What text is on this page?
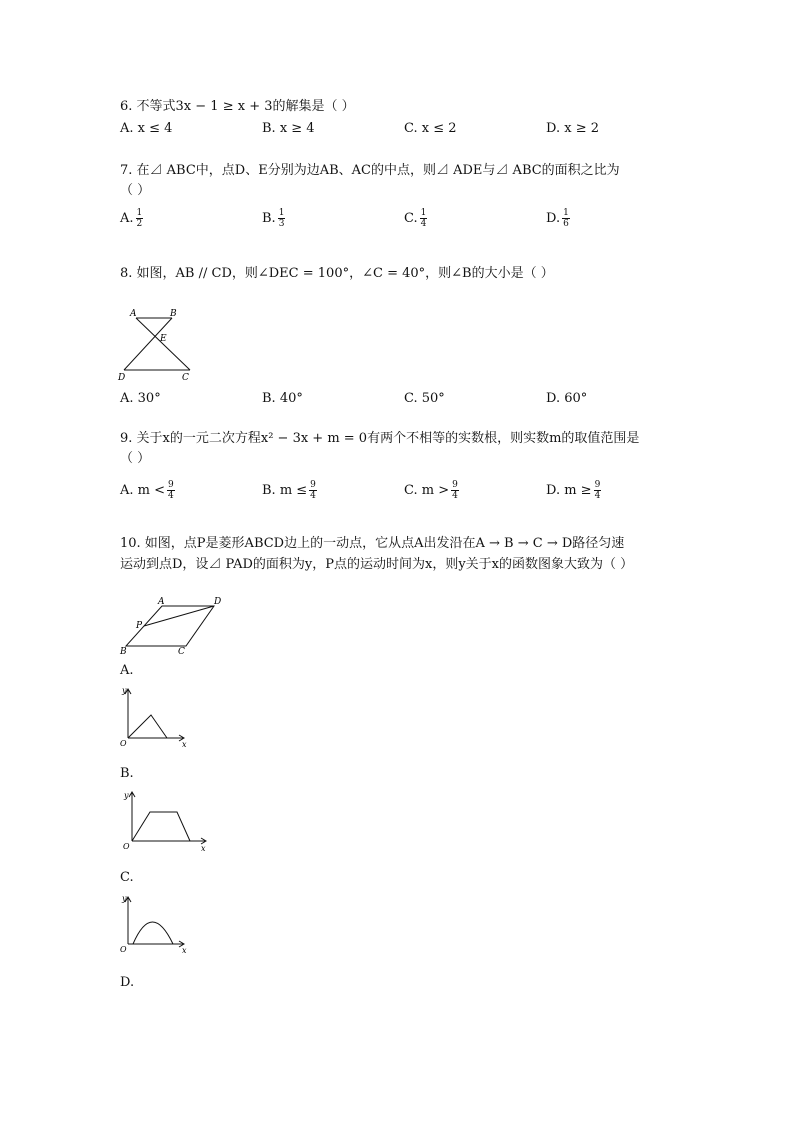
6. 不等式3x − 1 ≥ x + 3的解集是（ ）
A. x ≤ 4	B. x ≥ 4	C. x ≤ 2	D. x ≥ 2
7. 在⊿ ABC中，点D、E分别为边AB、AC的中点，则⊿ ADE与⊿ ABC的面积之比为
（ ）
A. $\frac{1}{2}$	B. $\frac{1}{3}$	C. $\frac{1}{4}$	D. $\frac{1}{6}$
8. 如图，AB // CD，则∠DEC = 100°，∠C = 40°，则∠B的大小是（ ）
A	B
E
D	C
A. 30°	B. 40°	C. 50°	D. 60°
9. 关于x的一元二次方程x² − 3x + m = 0有两个不相等的实数根，则实数m的取值范围是
（ ）
A. $m < \frac{9}{4}$	B. $m \le \frac{9}{4}$	C. $m > \frac{9}{4}$	D. $m \ge \frac{9}{4}$
10. 如图，点P是菱形ABCD边上的一动点，它从点A出发沿在A → B → C → D路径匀速
运动到点D，设⊿ PAD的面积为y，P点的运动时间为x，则y关于x的函数图象大致为（ ）
A	D
P
B	C
A.
y
x
O
B.
y
x
O
C.
y
x
O
D.
